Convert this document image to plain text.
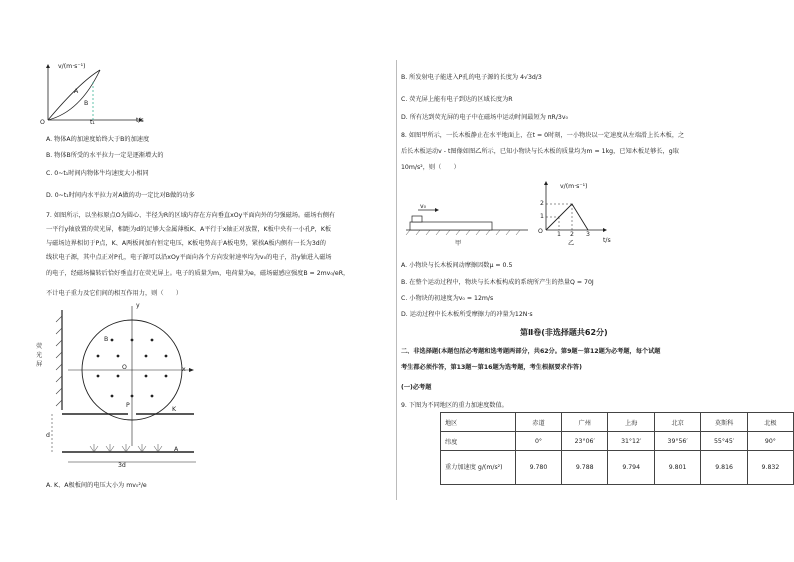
v/(m·s⁻¹)
t/s
O
A
B
t₁
A. 物体A的加速度始终大于B的加速度
B. 物体B所受的水平拉力一定是逐渐增大的
C. 0~t₁时间内物体牛均速度大小相同
D. 0~t₁时间内水平拉力对A做的功一定比对B做的功多
7. 如图所示，以坐标原点O为圆心、半径为R的区域内存在方向垂直xOy平面向外的匀强磁场。磁场右侧有
一平行y轴放置的荧光屏，相距为d的足够大金属薄板K、A平行于x轴正对放置，K板中央有一小孔P，K板
与磁场边界相切于P点，K、A两板间加有恒定电压，K板电势高于A板电势，紧挨A板内侧有一长为3d的
线状电子源，其中点正对P孔，电子源可以沿xOy平面向各个方向发射速率均为v₀的电子，沿y轴进入磁场
的电子，经磁场偏转后恰好垂直打在荧光屏上。电子的质量为m，电荷量为e，磁场磁感应强度B = 2mv₀/eR，
不计电子重力及它们间的相互作用力，则（　　）
荧光屏
B
O	x
y
P
K
A
d
3d
A. K、A极板间的电压大小为 mv₀²/e
B. 所发射电子能进入P孔的电子源的长度为 4√3d/3
C. 荧光屏上能有电子到达的区域长度为R
D. 所有达到荧光屏的电子中在磁场中运动时间最短为 πR/3v₀
8. 如图甲所示，一长木板静止在水平地面上，在t = 0时刻，一小物块以一定速度从左端滑上长木板，之
后长木板运动v - t图像如图乙所示，已知小物块与长木板的质量均为m = 1kg，已知木板足够长，g取
10m/s²，则（　　）
v₀
甲
v/(m·s⁻¹)
t/s
O
2
1
1 2 3
乙
A. 小物块与长木板间动摩擦因数μ = 0.5
B. 在整个运动过程中，物块与长木板构成的系统所产生的热量Q = 70J
C. 小物块的初速度为v₀ = 12m/s
D. 运动过程中长木板所受摩擦力的冲量为12N·s
第Ⅱ卷(非选择题共62分)
二、非选择题(本题包括必考题和选考题两部分，共62分。第9题～第12题为必考题，每个试题
考生都必须作答，第13题～第16题为选考题，考生根据要求作答)
(一)必考题
9. 下图为不同地区的重力加速度数值。
地区	赤道	广州	上海	北京	莫斯科	北极
纬度	0°	23°06′	31°12′	39°56′	55°45′	90°
重力加速度 g/(m/s²)	9.780	9.788	9.794	9.801	9.816	9.832
